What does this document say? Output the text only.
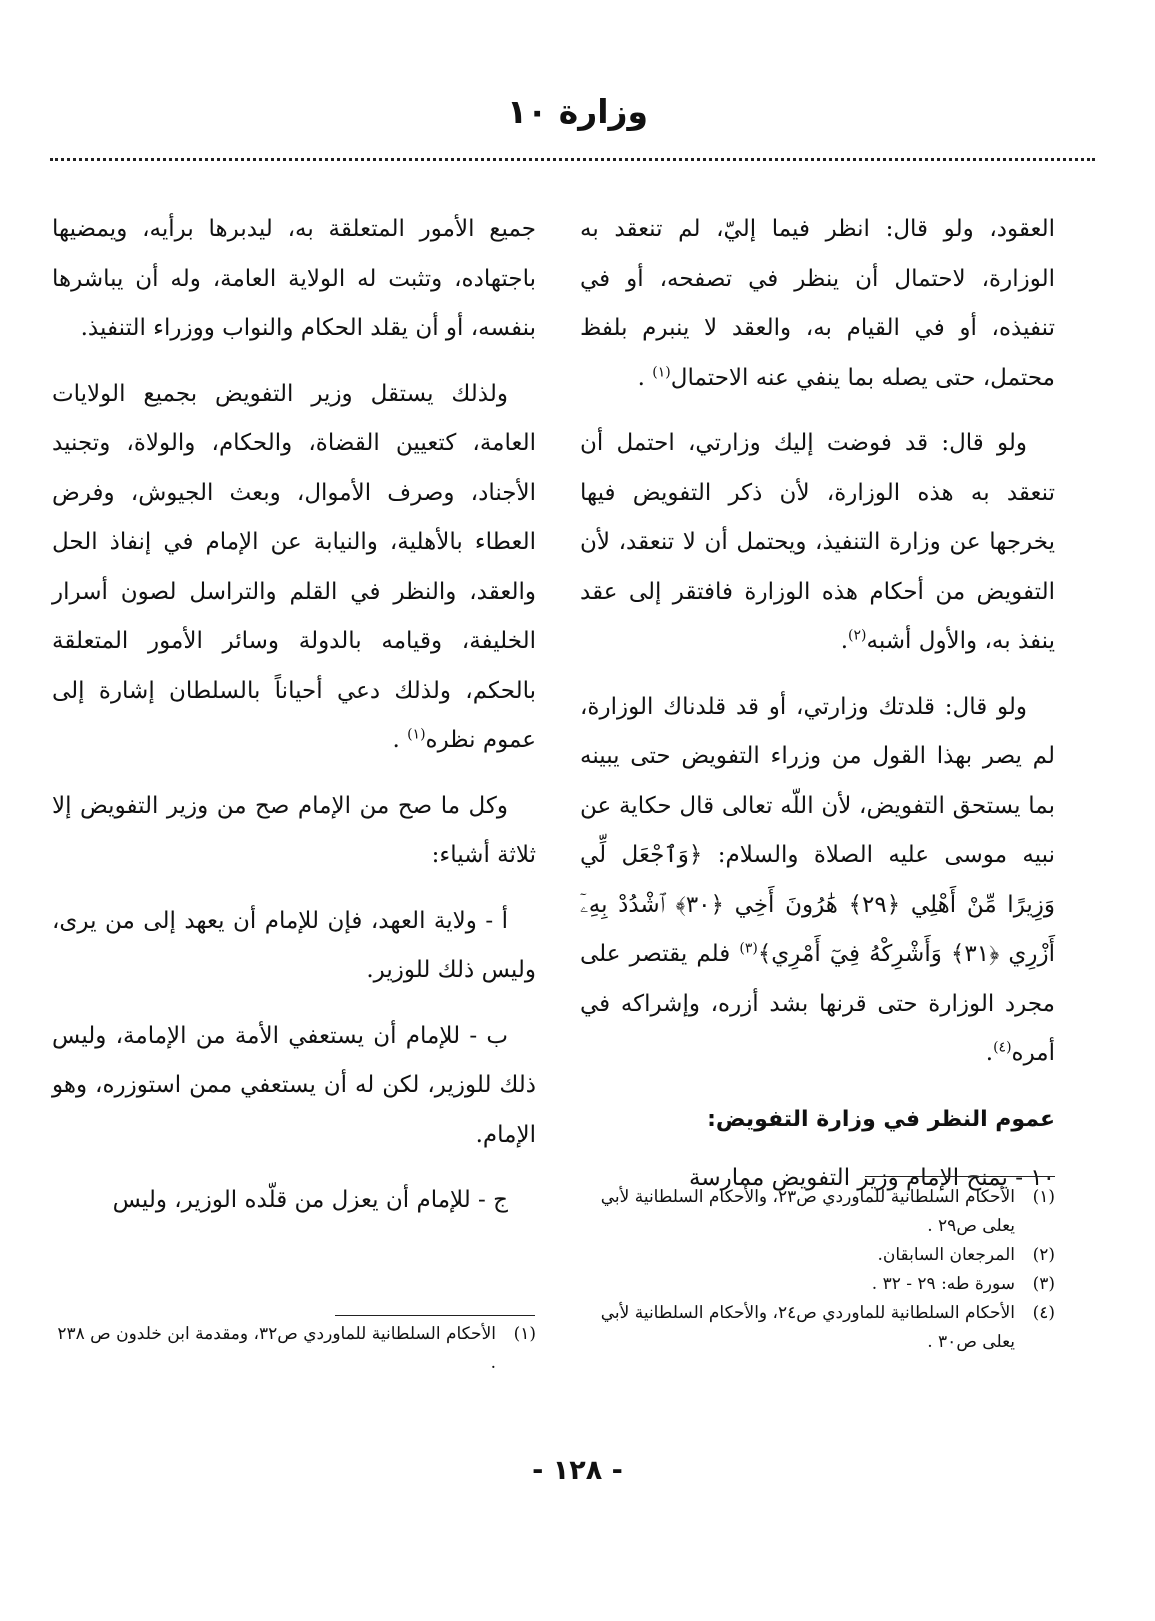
وزارة ١٠

العقود، ولو قال: انظر فيما إليّ، لم تنعقد به الوزارة، لاحتمال أن ينظر في تصفحه، أو في تنفيذه، أو في القيام به، والعقد لا ينبرم بلفظ محتمل، حتى يصله بما ينفي عنه الاحتمال$^{(١)}$ .

ولو قال: قد فوضت إليك وزارتي، احتمل أن تنعقد به هذه الوزارة، لأن ذكر التفويض فيها يخرجها عن وزارة التنفيذ، ويحتمل أن لا تنعقد، لأن التفويض من أحكام هذه الوزارة فافتقر إلى عقد ينفذ به، والأول أشبه$^{(٢)}$.

ولو قال: قلدتك وزارتي، أو قد قلدناك الوزارة، لم يصر بهذا القول من وزراء التفويض حتى يبينه بما يستحق التفويض، لأن اللّه تعالى قال حكاية عن نبيه موسى عليه الصلاة والسلام: ﴿وَٱجْعَل لِّي وَزِيرًا مِّنْ أَهْلِي ﴿٢٩﴾ هَٰرُونَ أَخِي ﴿٣٠﴾ ٱشْدُدْ بِهِۦٓ أَزْرِي ﴿٣١﴾ وَأَشْرِكْهُ فِيٓ أَمْرِي﴾$^{(٣)}$ فلم يقتصر على مجرد الوزارة حتى قرنها بشد أزره، وإشراكه في أمره$^{(٤)}$.

عموم النظر في وزارة التفويض:

١٠ - يمنح الإمام وزير التفويض ممارسة

(١)
الأحكام السلطانية للماوردي ص٢٣، والأحكام السلطانية لأبي يعلى ص٢٩ .
(٢)
المرجعان السابقان.
(٣)
سورة طه: ٢٩ - ٣٢ .
(٤)
الأحكام السلطانية للماوردي ص٢٤، والأحكام السلطانية لأبي يعلى ص٣٠ .

جميع الأمور المتعلقة به، ليدبرها برأيه، ويمضيها باجتهاده، وتثبت له الولاية العامة، وله أن يباشرها بنفسه، أو أن يقلد الحكام والنواب ووزراء التنفيذ.

ولذلك يستقل وزير التفويض بجميع الولايات العامة، كتعيين القضاة، والحكام، والولاة، وتجنيد الأجناد، وصرف الأموال، وبعث الجيوش، وفرض العطاء بالأهلية، والنيابة عن الإمام في إنفاذ الحل والعقد، والنظر في القلم والتراسل لصون أسرار الخليفة، وقيامه بالدولة وسائر الأمور المتعلقة بالحكم، ولذلك دعي أحياناً بالسلطان إشارة إلى عموم نظره$^{(١)}$ .

وكل ما صح من الإمام صح من وزير التفويض إلا ثلاثة أشياء:

أ - ولاية العهد، فإن للإمام أن يعهد إلى من يرى، وليس ذلك للوزير.

ب - للإمام أن يستعفي الأمة من الإمامة، وليس ذلك للوزير، لكن له أن يستعفي ممن استوزره، وهو الإمام.

ج - للإمام أن يعزل من قلّده الوزير، وليس

(١)
الأحكام السلطانية للماوردي ص٣٢، ومقدمة ابن خلدون ص ٢٣٨ .
- ١٢٨ -
